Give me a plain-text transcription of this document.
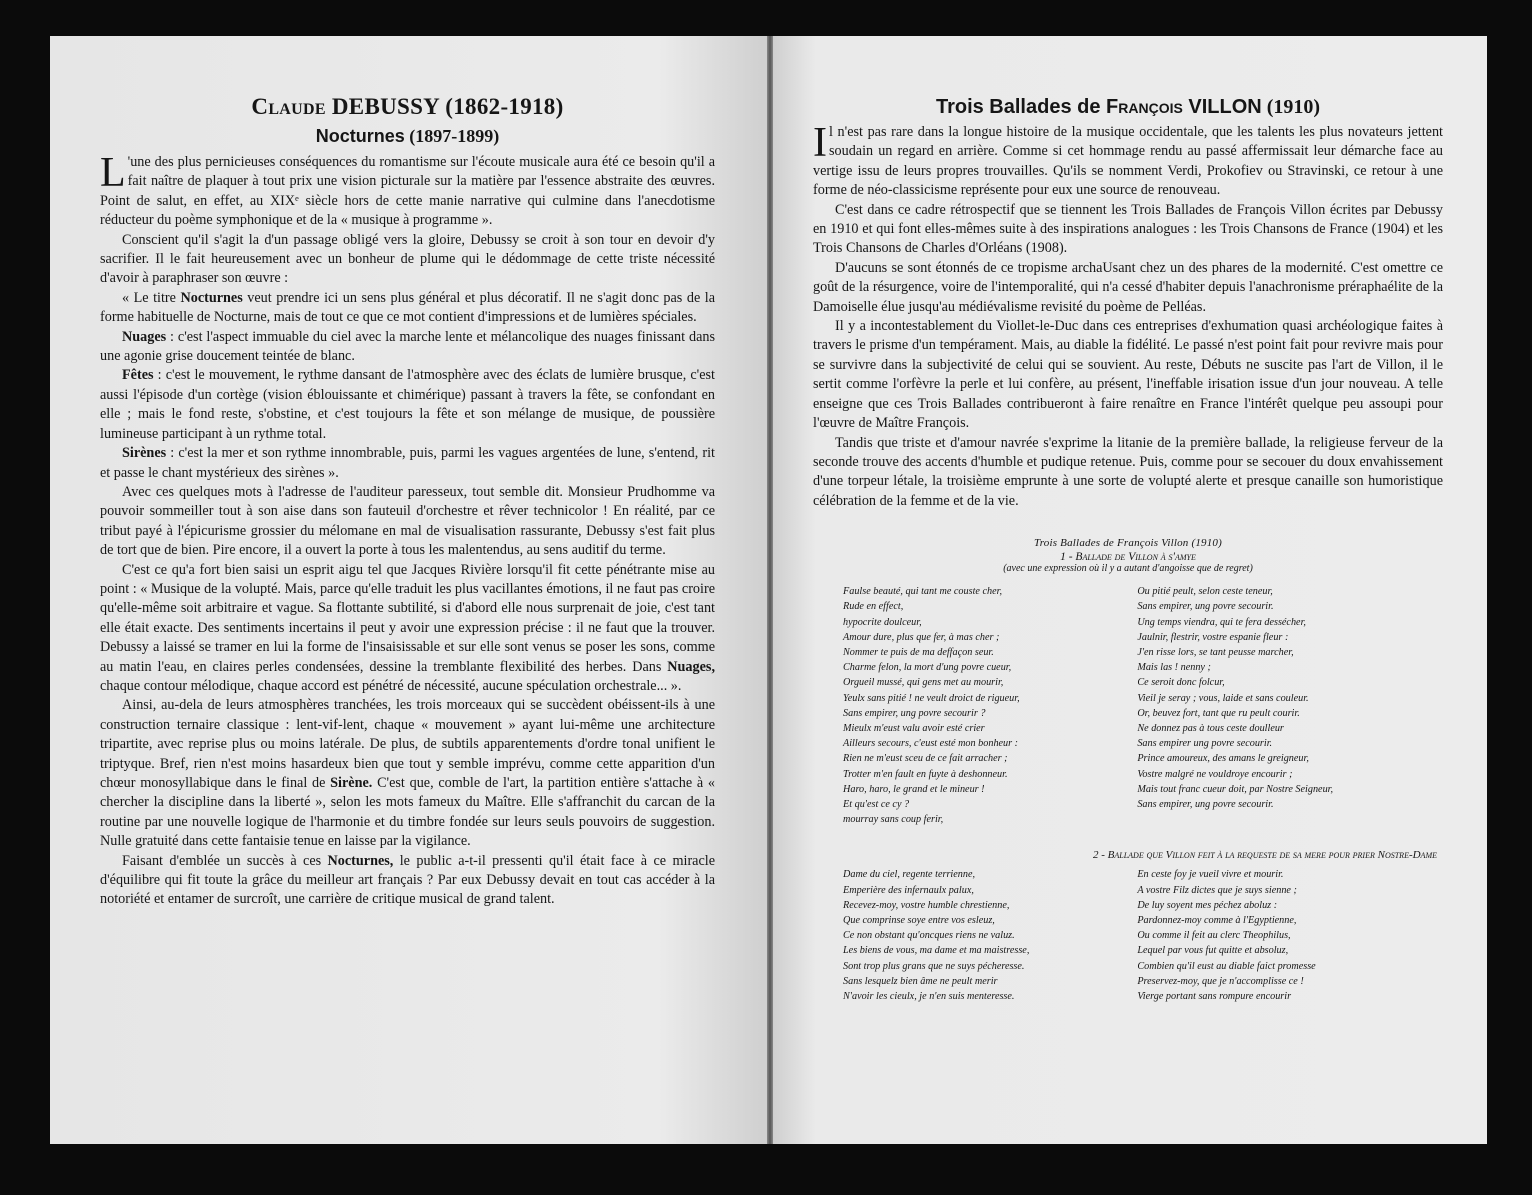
Claude DEBUSSY (1862-1918)
Nocturnes (1897-1899)

L 'une des plus pernicieuses conséquences du romantisme sur l'écoute musicale aura été ce besoin qu'il a fait naître de plaquer à tout prix une vision picturale sur la matière par l'essence abstraite des œuvres. Point de salut, en effet, au XIXᵉ siècle hors de cette manie narrative qui culmine dans l'anecdotisme réducteur du poème symphonique et de la « musique à programme ».

Conscient qu'il s'agit la d'un passage obligé vers la gloire, Debussy se croit à son tour en devoir d'y sacrifier. Il le fait heureusement avec un bonheur de plume qui le dédommage de cette triste nécessité d'avoir à paraphraser son œuvre :

« Le titre Nocturnes veut prendre ici un sens plus général et plus décoratif. Il ne s'agit donc pas de la forme habituelle de Nocturne, mais de tout ce que ce mot contient d'impressions et de lumières spéciales.

Nuages : c'est l'aspect immuable du ciel avec la marche lente et mélancolique des nuages finissant dans une agonie grise doucement teintée de blanc.

Fêtes : c'est le mouvement, le rythme dansant de l'atmosphère avec des éclats de lumière brusque, c'est aussi l'épisode d'un cortège (vision éblouissante et chimérique) passant à travers la fête, se confondant en elle ; mais le fond reste, s'obstine, et c'est toujours la fête et son mélange de musique, de poussière lumineuse participant à un rythme total.

Sirènes : c'est la mer et son rythme innombrable, puis, parmi les vagues argentées de lune, s'entend, rit et passe le chant mystérieux des sirènes ».

Avec ces quelques mots à l'adresse de l'auditeur paresseux, tout semble dit. Monsieur Prudhomme va pouvoir sommeiller tout à son aise dans son fauteuil d'orchestre et rêver technicolor ! En réalité, par ce tribut payé à l'épicurisme grossier du mélomane en mal de visualisation rassurante, Debussy s'est fait plus de tort que de bien. Pire encore, il a ouvert la porte à tous les malentendus, au sens auditif du terme.

C'est ce qu'a fort bien saisi un esprit aigu tel que Jacques Rivière lorsqu'il fit cette pénétrante mise au point : « Musique de la volupté. Mais, parce qu'elle traduit les plus vacillantes émotions, il ne faut pas croire qu'elle-même soit arbitraire et vague. Sa flottante subtilité, si d'abord elle nous surprenait de joie, c'est tant elle était exacte. Des sentiments incertains il peut y avoir une expression précise : il ne faut que la trouver. Debussy a laissé se tramer en lui la forme de l'insaisissable et sur elle sont venus se poser les sons, comme au matin l'eau, en claires perles condensées, dessine la tremblante flexibilité des herbes. Dans Nuages, chaque contour mélodique, chaque accord est pénétré de nécessité, aucune spéculation orchestrale... ».

Ainsi, au-dela de leurs atmosphères tranchées, les trois morceaux qui se succèdent obéissent-ils à une construction ternaire classique : lent-vif-lent, chaque « mouvement » ayant lui-même une architecture tripartite, avec reprise plus ou moins latérale. De plus, de subtils apparentements d'ordre tonal unifient le triptyque. Bref, rien n'est moins hasardeux bien que tout y semble imprévu, comme cette apparition d'un chœur monosyllabique dans le final de Sirène. C'est que, comble de l'art, la partition entière s'attache à « chercher la discipline dans la liberté », selon les mots fameux du Maître. Elle s'affranchit du carcan de la routine par une nouvelle logique de l'harmonie et du timbre fondée sur leurs seuls pouvoirs de suggestion. Nulle gratuité dans cette fantaisie tenue en laisse par la vigilance.

Faisant d'emblée un succès à ces Nocturnes, le public a-t-il pressenti qu'il était face à ce miracle d'équilibre qui fit toute la grâce du meilleur art français ? Par eux Debussy devait en tout cas accéder à la notoriété et entamer de surcroît, une carrière de critique musical de grand talent.

Trois Ballades de François VILLON (1910)

Il n'est pas rare dans la longue histoire de la musique occidentale, que les talents les plus novateurs jettent soudain un regard en arrière. Comme si cet hommage rendu au passé affermissait leur démarche face au vertige issu de leurs propres trouvailles. Qu'ils se nomment Verdi, Prokofiev ou Stravinski, ce retour à une forme de néo-classicisme représente pour eux une source de renouveau.

C'est dans ce cadre rétrospectif que se tiennent les Trois Ballades de François Villon écrites par Debussy en 1910 et qui font elles-mêmes suite à des inspirations analogues : les Trois Chansons de France (1904) et les Trois Chansons de Charles d'Orléans (1908).

D'aucuns se sont étonnés de ce tropisme archaUsant chez un des phares de la modernité. C'est omettre ce goût de la résurgence, voire de l'intemporalité, qui n'a cessé d'habiter depuis l'anachronisme préraphaélite de la Damoiselle élue jusqu'au médiévalisme revisité du poème de Pelléas.

Il y a incontestablement du Viollet-le-Duc dans ces entreprises d'exhumation quasi archéologique faites à travers le prisme d'un tempérament. Mais, au diable la fidélité. Le passé n'est point fait pour revivre mais pour se survivre dans la subjectivité de celui qui se souvient. Au reste, Débuts ne suscite pas l'art de Villon, il le sertit comme l'orfèvre la perle et lui confère, au présent, l'ineffable irisation issue d'un jour nouveau. A telle enseigne que ces Trois Ballades contribueront à faire renaître en France l'intérêt quelque peu assoupi pour l'œuvre de Maître François.

Tandis que triste et d'amour navrée s'exprime la litanie de la première ballade, la religieuse ferveur de la seconde trouve des accents d'humble et pudique retenue. Puis, comme pour se secouer du doux envahissement d'une torpeur létale, la troisième emprunte à une sorte de volupté alerte et presque canaille son humoristique célébration de la femme et de la vie.

Trois Ballades de François Villon (1910)
1 - Ballade de Villon à s'amye
(avec une expression où il y a autant d'angoisse que de regret)
Faulse beauté, qui tant me couste cher,
Rude en effect,
hypocrite doulceur,
Amour dure, plus que fer, à mas cher ;
Nommer te puis de ma deffaçon seur.
Charme felon, la mort d'ung povre cueur,
Orgueil mussé, qui gens met au mourir,
Yeulx sans pitié ! ne veult droict de rigueur,
Sans empirer, ung povre secourir ?
Mieulx m'eust valu avoir esté crier
Ailleurs secours, c'eust esté mon bonheur :
Rien ne m'eust sceu de ce fait arracher ;
Trotter m'en fault en fuyte à deshonneur.
Haro, haro, le grand et le mineur !
Et qu'est ce cy ?
mourray sans coup ferir,
Ou pitié peult, selon ceste teneur,
Sans empirer, ung povre secourir.
Ung temps viendra, qui te fera dessécher,
Jaulnir, flestrir, vostre espanie fleur :
J'en risse lors, se tant peusse marcher,
Mais las ! nenny ;
Ce seroit donc folcur,
Vieil je seray ; vous, laide et sans couleur.
Or, beuvez fort, tant que ru peult courir.
Ne donnez pas à tous ceste doulleur
Sans empirer ung povre secourir.
Prince amoureux, des amans le greigneur,
Vostre malgré ne vouldroye encourir ;
Mais tout franc cueur doit, par Nostre Seigneur,
Sans empirer, ung povre secourir.
2 - Ballade que Villon feit à la requeste de sa mere pour prier Nostre-Dame
Dame du ciel, regente terrienne,
Emperière des infernaulx palux,
Recevez-moy, vostre humble chrestienne,
Que comprinse soye entre vos esleuz,
Ce non obstant qu'oncques riens ne valuz.
Les biens de vous, ma dame et ma maistresse,
Sont trop plus grans que ne suys pécheresse.
Sans lesquelz bien âme ne peult merir
N'avoir les cieulx, je n'en suis menteresse.
En ceste foy je vueil vivre et mourir.
A vostre Filz dictes que je suys sienne ;
De luy soyent mes péchez aboluz :
Pardonnez-moy comme à l'Egyptienne,
Ou comme il feit au clerc Theophilus,
Lequel par vous fut quitte et absoluz,
Combien qu'il eust au diable faict promesse
Preservez-moy, que je n'accomplisse ce !
Vierge portant sans rompure encourir
